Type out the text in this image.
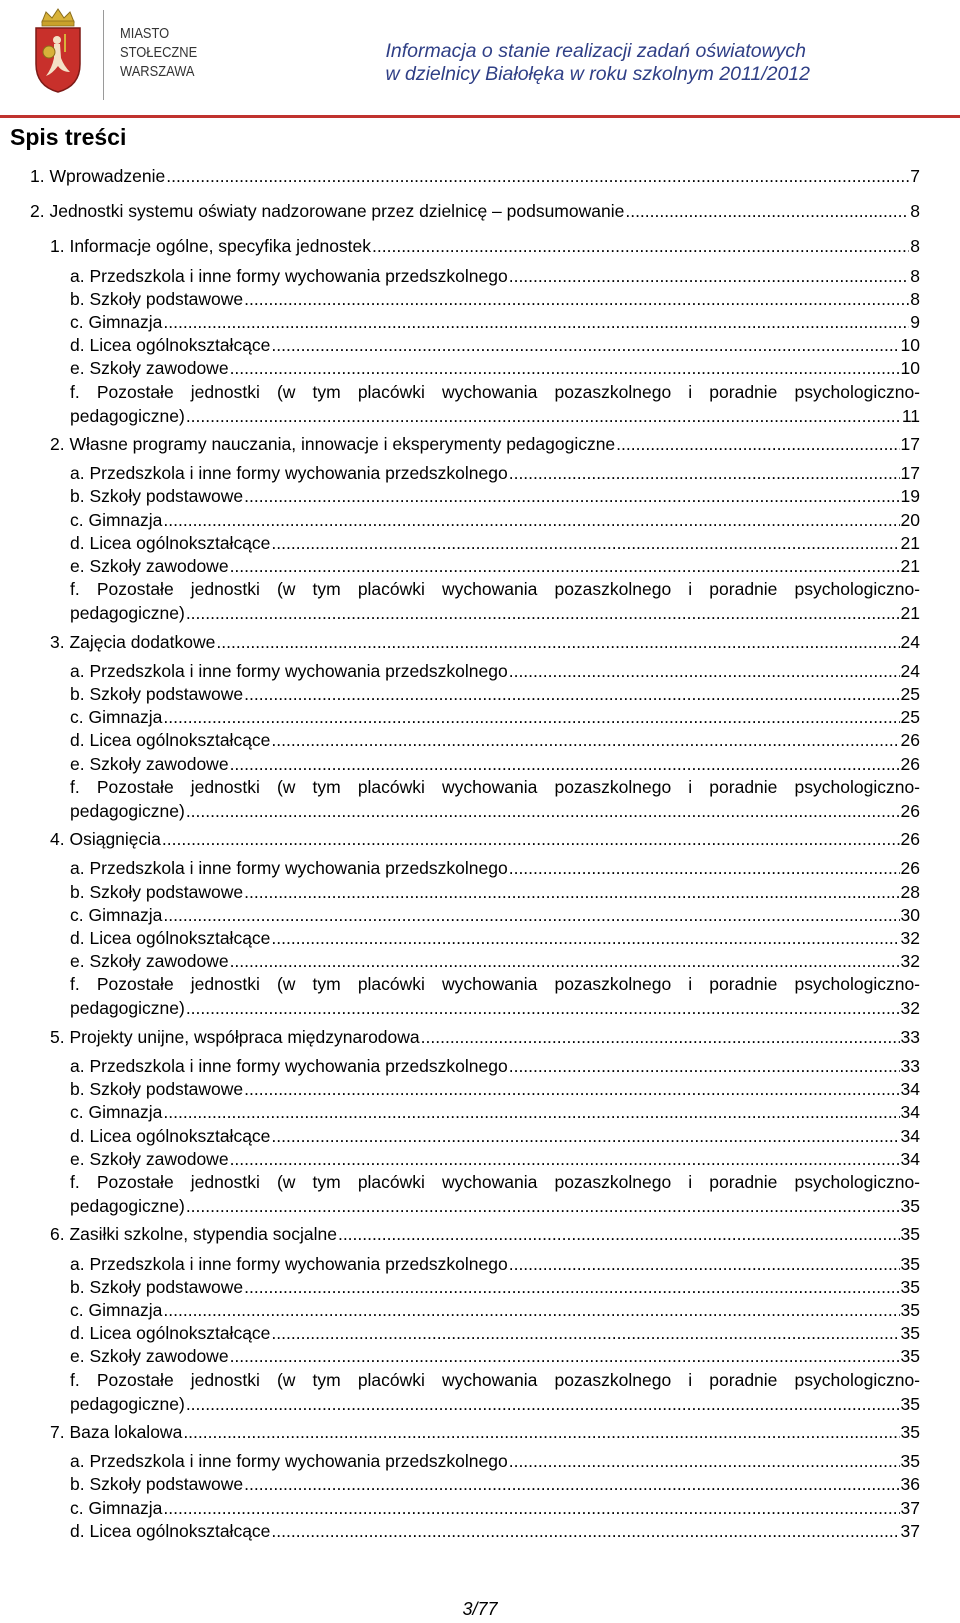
MIASTO
STOŁECZNE
WARSZAWA
Informacja o stanie realizacji zadań oświatowych
w dzielnicy Białołęka w roku szkolnym 2011/2012
Spis treści
1. Wprowadzenie .....	7
2. Jednostki systemu oświaty nadzorowane przez dzielnicę – podsumowanie .....	8
1. Informacje ogólne, specyfika jednostek .....	8
a. Przedszkola i inne formy wychowania przedszkolnego .....	8
b. Szkoły podstawowe .....	8
c. Gimnazja .....	9
d. Licea ogólnokształcące .....	10
e. Szkoły zawodowe .....	10
f. Pozostałe jednostki (w tym placówki wychowania pozaszkolnego i poradnie psychologiczno-
pedagogiczne) .....	11
2. Własne programy nauczania, innowacje i eksperymenty pedagogiczne .....	17
a. Przedszkola i inne formy wychowania przedszkolnego .....	17
b. Szkoły podstawowe .....	19
c. Gimnazja .....	20
d. Licea ogólnokształcące .....	21
e. Szkoły zawodowe .....	21
f. Pozostałe jednostki (w tym placówki wychowania pozaszkolnego i poradnie psychologiczno-
pedagogiczne) .....	21
3. Zajęcia dodatkowe .....	24
a. Przedszkola i inne formy wychowania przedszkolnego .....	24
b. Szkoły podstawowe .....	25
c. Gimnazja .....	25
d. Licea ogólnokształcące .....	26
e. Szkoły zawodowe .....	26
f. Pozostałe jednostki (w tym placówki wychowania pozaszkolnego i poradnie psychologiczno-
pedagogiczne) .....	26
4. Osiągnięcia .....	26
a. Przedszkola i inne formy wychowania przedszkolnego .....	26
b. Szkoły podstawowe .....	28
c. Gimnazja .....	30
d. Licea ogólnokształcące .....	32
e. Szkoły zawodowe .....	32
f. Pozostałe jednostki (w tym placówki wychowania pozaszkolnego i poradnie psychologiczno-
pedagogiczne) .....	32
5. Projekty unijne, współpraca międzynarodowa .....	33
a. Przedszkola i inne formy wychowania przedszkolnego .....	33
b. Szkoły podstawowe .....	34
c. Gimnazja .....	34
d. Licea ogólnokształcące .....	34
e. Szkoły zawodowe .....	34
f. Pozostałe jednostki (w tym placówki wychowania pozaszkolnego i poradnie psychologiczno-
pedagogiczne) .....	35
6. Zasiłki szkolne, stypendia socjalne .....	35
a. Przedszkola i inne formy wychowania przedszkolnego .....	35
b. Szkoły podstawowe .....	35
c. Gimnazja .....	35
d. Licea ogólnokształcące .....	35
e. Szkoły zawodowe .....	35
f. Pozostałe jednostki (w tym placówki wychowania pozaszkolnego i poradnie psychologiczno-
pedagogiczne) .....	35
7. Baza lokalowa .....	35
a. Przedszkola i inne formy wychowania przedszkolnego .....	35
b. Szkoły podstawowe .....	36
c. Gimnazja .....	37
d. Licea ogólnokształcące .....	37
3/77
